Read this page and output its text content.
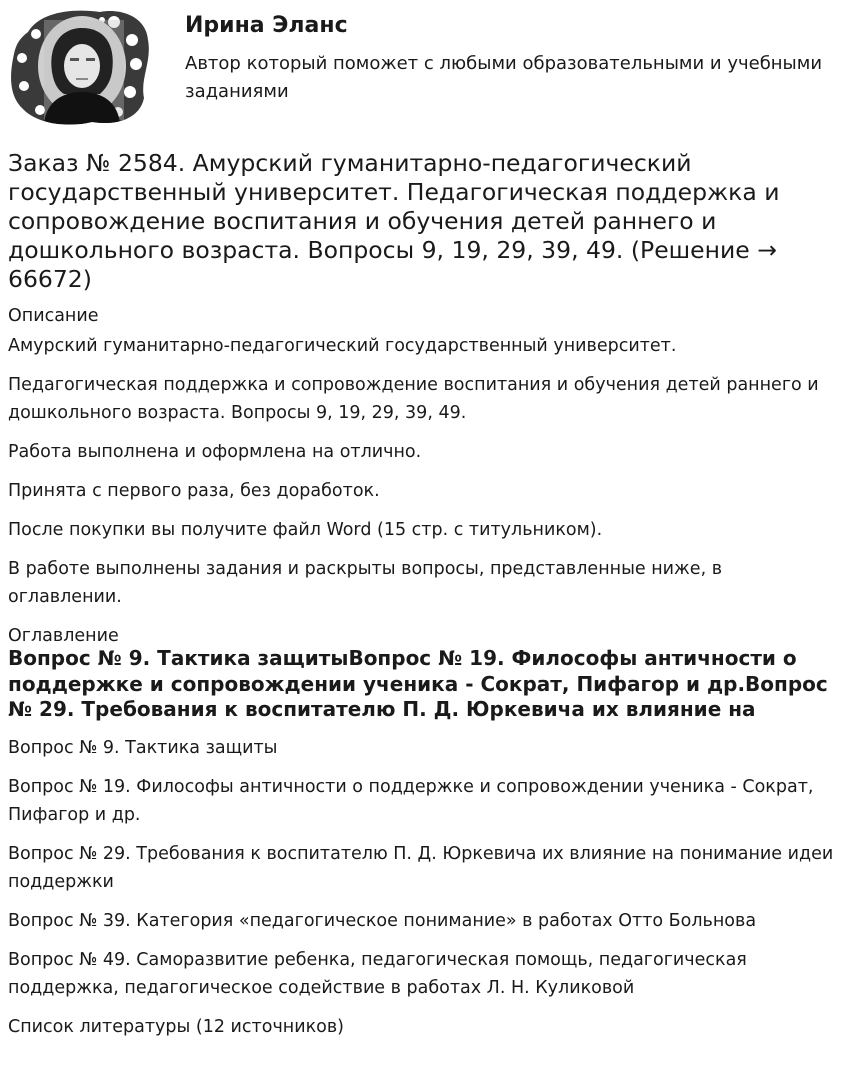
Ирина Эланс
Автор который поможет с любыми образовательными и учебными заданиями
Заказ № 2584. Амурский гуманитарно-педагогический государственный университет. Педагогическая поддержка и сопровождение воспитания и обучения детей раннего и дошкольного возраста. Вопросы 9, 19, 29, 39, 49. (Решение → 66672)

Описание

Амурский гуманитарно-педагогический государственный университет.

Педагогическая поддержка и сопровождение воспитания и обучения детей раннего и дошкольного возраста. Вопросы 9, 19, 29, 39, 49.

Работа выполнена и оформлена на отлично.

Принята с первого раза, без доработок.

После покупки вы получите файл Word (15 стр. с титульником).

В работе выполнены задания и раскрыты вопросы, представленные ниже, в оглавлении.

Оглавление

Вопрос № 9. Тактика защитыВопрос № 19. Философы античности о поддержке и сопровождении ученика - Сократ, Пифагор и др.Вопрос № 29. Требования к воспитателю П. Д. Юркевича их влияние на

Вопрос № 9. Тактика защиты

Вопрос № 19. Философы античности о поддержке и сопровождении ученика - Сократ, Пифагор и др.

Вопрос № 29. Требования к воспитателю П. Д. Юркевича их влияние на понимание идеи поддержки

Вопрос № 39. Категория «педагогическое понимание» в работах Отто Больнова

Вопрос № 49. Саморазвитие ребенка, педагогическая помощь, педагогическая поддержка, педагогическое содействие в работах Л. Н. Куликовой

Список литературы (12 источников)
